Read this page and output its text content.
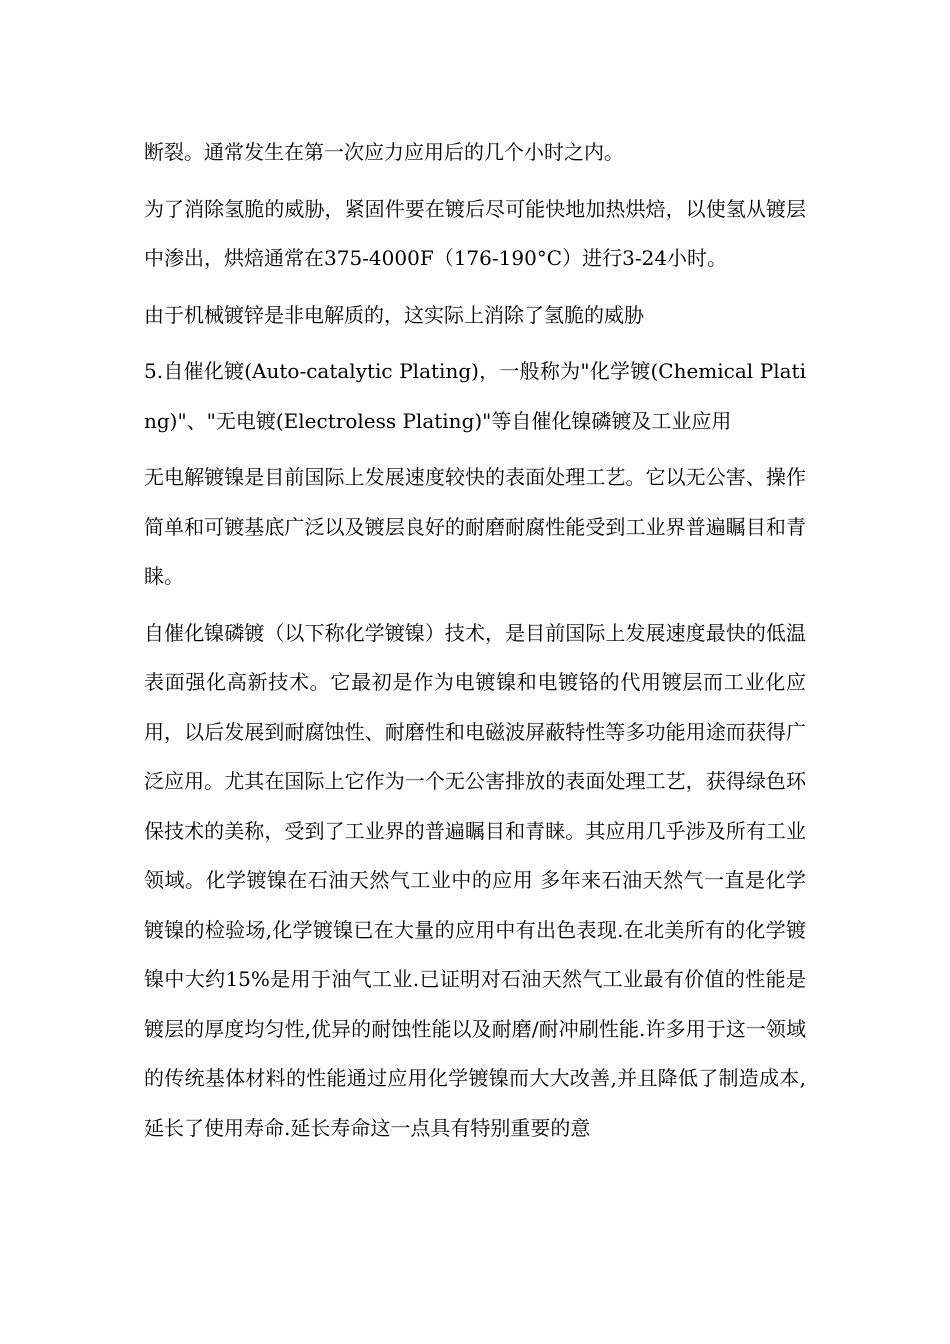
断裂。通常发生在第一次应力应用后的几个小时之内。

为了消除氢脆的威胁，紧固件要在镀后尽可能快地加热烘焙，以使氢从镀层中渗出，烘焙通常在375-4000F（176-190°C）进行3-24小时。

由于机械镀锌是非电解质的，这实际上消除了氢脆的威胁

5.自催化镀(Auto-catalytic Plating)，一般称为"化学镀(Chemical Plating)"、"无电镀(Electroless Plating)"等自催化镍磷镀及工业应用

无电解镀镍是目前国际上发展速度较快的表面处理工艺。它以无公害、操作简单和可镀基底广泛以及镀层良好的耐磨耐腐性能受到工业界普遍瞩目和青睐。

自催化镍磷镀（以下称化学镀镍）技术，是目前国际上发展速度最快的低温表面强化高新技术。它最初是作为电镀镍和电镀铬的代用镀层而工业化应用，以后发展到耐腐蚀性、耐磨性和电磁波屏蔽特性等多功能用途而获得广泛应用。尤其在国际上它作为一个无公害排放的表面处理工艺，获得绿色环保技术的美称，受到了工业界的普遍瞩目和青睐。其应用几乎涉及所有工业领域。化学镀镍在石油天然气工业中的应用 多年来石油天然气一直是化学镀镍的检验场,化学镀镍已在大量的应用中有出色表现.在北美所有的化学镀镍中大约15%是用于油气工业.已证明对石油天然气工业最有价值的性能是镀层的厚度均匀性,优异的耐蚀性能以及耐磨/耐冲刷性能.许多用于这一领域的传统基体材料的性能通过应用化学镀镍而大大改善,并且降低了制造成本,延长了使用寿命.延长寿命这一点具有特别重要的意
